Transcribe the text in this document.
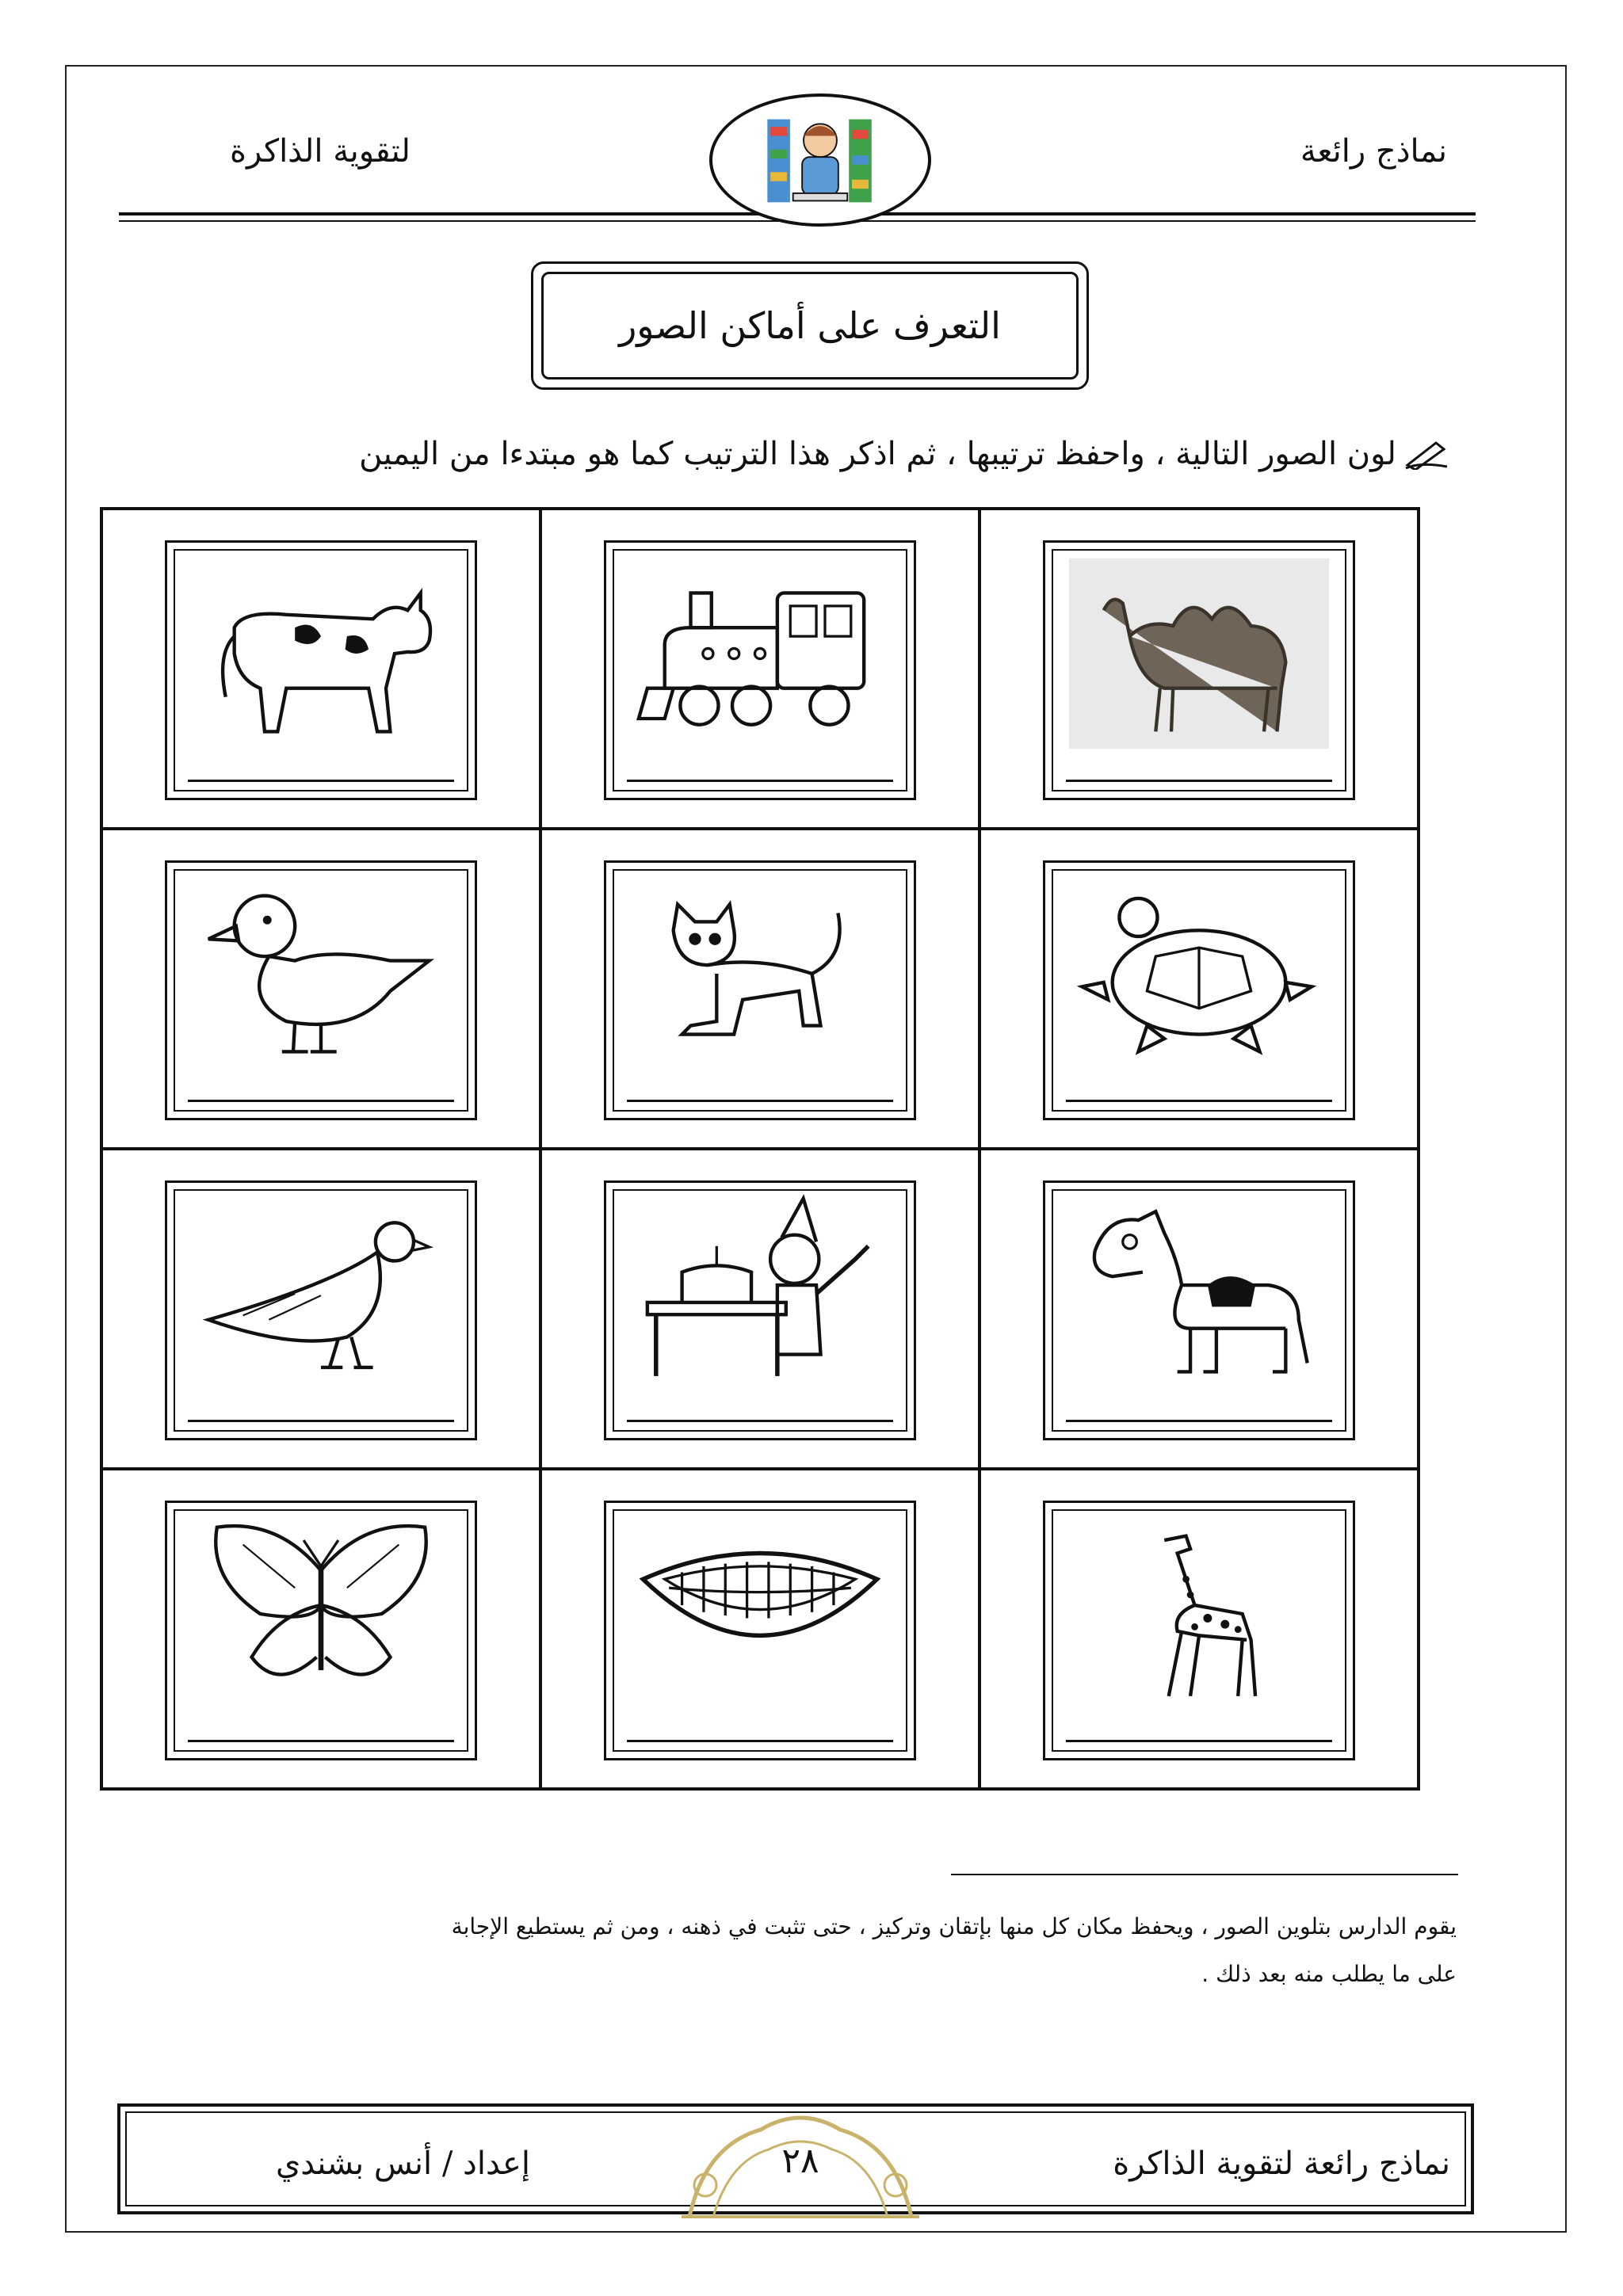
نماذج رائعة
لتقوية الذاكرة
التعرف على أماكن الصور
لون الصور التالية ، واحفظ ترتيبها ، ثم اذكر هذا الترتيب كما هو مبتدءا من اليمين
يقوم الدارس بتلوين الصور ، ويحفظ مكان كل منها بإتقان وتركيز ، حتى تثبت في ذهنه ، ومن ثم يستطيع الإجابة
على ما يطلب منه بعد ذلك .
٢٨	نماذج رائعة لتقوية الذاكرة
إعداد / أنس بشندي
